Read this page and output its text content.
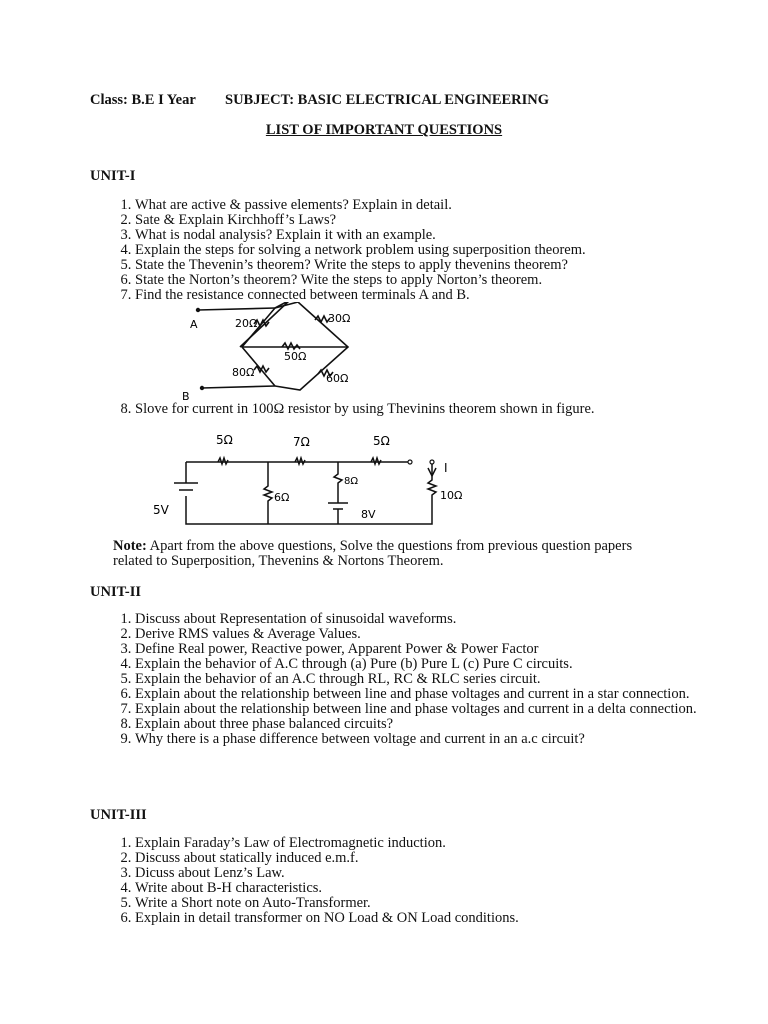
Class: B.E I Year SUBJECT: BASIC ELECTRICAL ENGINEERING
LIST OF IMPORTANT QUESTIONS
UNIT-I
1. What are active & passive elements? Explain in detail.
2. Sate & Explain Kirchhoff’s Laws?
3. What is nodal analysis? Explain it with an example.
4. Explain the steps for solving a network problem using superposition theorem.
5. State the Thevenin’s theorem? Write the steps to apply thevenins theorem?
6. State the Norton’s theorem? Wite the steps to apply Norton’s theorem.
7. Find the resistance connected between terminals A and B.
A
B
20Ω	30Ω
50Ω
80Ω	60Ω
8. Slove for current in 100Ω resistor by using Thevinins theorem shown in figure.
5Ω	7Ω	5Ω
5V
6Ω
8Ω
8V
10Ω
I
Note: Apart from the above questions, Solve the questions from previous question papers related to Superposition, Thevenins & Nortons Theorem.
UNIT-II
1. Discuss about Representation of sinusoidal waveforms.
2. Derive RMS values & Average Values.
3. Define Real power, Reactive power, Apparent Power & Power Factor
4. Explain the behavior of A.C through (a) Pure (b) Pure L (c) Pure C circuits.
5. Explain the behavior of an A.C through RL, RC & RLC series circuit.
6. Explain about the relationship between line and phase voltages and current in a star connection.
7. Explain about the relationship between line and phase voltages and current in a delta connection.
8. Explain about three phase balanced circuits?
9. Why there is a phase difference between voltage and current in an a.c circuit?
UNIT-III
1. Explain Faraday’s Law of Electromagnetic induction.
2. Discuss about statically induced e.m.f.
3. Dicuss about Lenz’s Law.
4. Write about B-H characteristics.
5. Write a Short note on Auto-Transformer.
6. Explain in detail transformer on NO Load & ON Load conditions.
